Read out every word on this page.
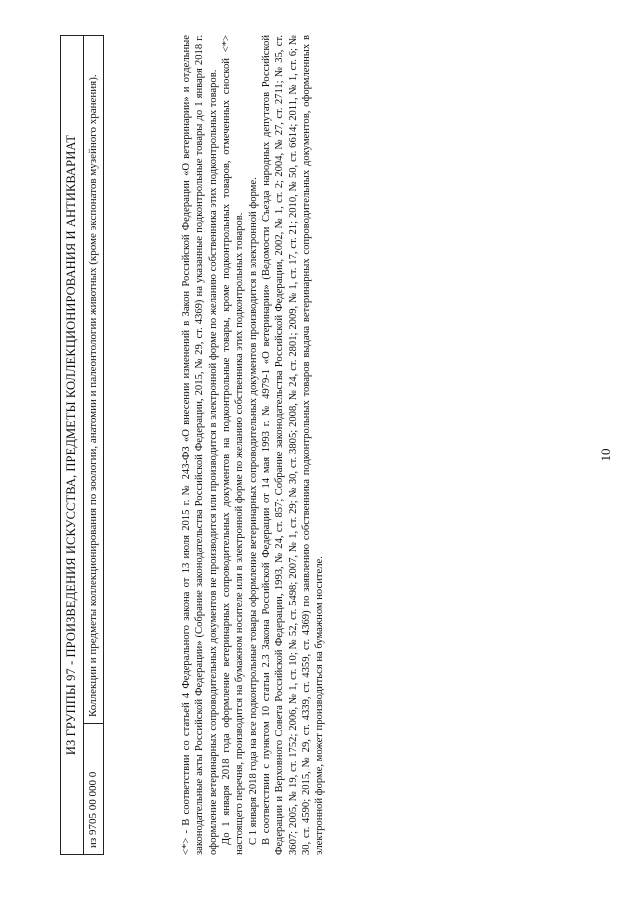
ИЗ ГРУППЫ 97 - ПРОИЗВЕДЕНИЯ ИСКУССТВА, ПРЕДМЕТЫ КОЛЛЕКЦИОНИРОВАНИЯ И АНТИКВАРИАТ
из 9705 00 000 0	Коллекции и предметы коллекционирования по зоологии, анатомии и палеонтологии животных (кроме экспонатов музейного хранения).	<*> - В соответствии со статьей 4 Федерального закона от 13 июля 2015 г. № 243-ФЗ «О внесении изменений в Закон Российской Федерации «О ветеринарии» и отдельные законодательные акты Российской Федерации» (Собрание законодательства Российской Федерации, 2015, № 29, ст. 4369) на указанные подконтрольные товары до 1 января 2018 г. оформление ветеринарных сопроводительных документов не производится или производится в электронной форме по желанию собственника этих подконтрольных товаров. До 1 января 2018 года оформление ветеринарных сопроводительных документов на подконтрольные товары, кроме подконтрольных товаров, отмеченных сноской <*> настоящего перечня, производится на бумажном носителе или в электронной форме по желанию собственника этих подконтрольных товаров. С 1 января 2018 года на все подконтрольные товары оформление ветеринарных сопроводительных документов производится в электронной форме. В соответствии с пунктом 10 статьи 2.3 Закона Российской Федерации от 14 мая 1993 г. № 4979-1 «О ветеринарии» (Ведомости Съезда народных депутатов Российской Федерации и Верховного Совета Российской Федерации, 1993, № 24, ст. 857; Собрание законодательства Российской Федерации, 2002, № 1, ст. 2; 2004, № 27, ст. 2711; № 35, ст. 3607; 2005, № 19, ст. 1752; 2006, № 1, ст. 10; № 52, ст. 5498; 2007, № 1, ст. 29; № 30, ст. 3805; 2008, № 24, ст. 2801; 2009, № 1, ст. 17, ст. 21; 2010, № 50, ст. 6614; 2011, № 1, ст. 6; № 30, ст. 4590; 2015, № 29, ст. 4339, ст. 4359, ст. 4369) по заявлению собственника подконтрольных товаров выдача ветеринарных сопроводительных документов, оформленных в электронной форме, может производиться на бумажном носителе.

10
